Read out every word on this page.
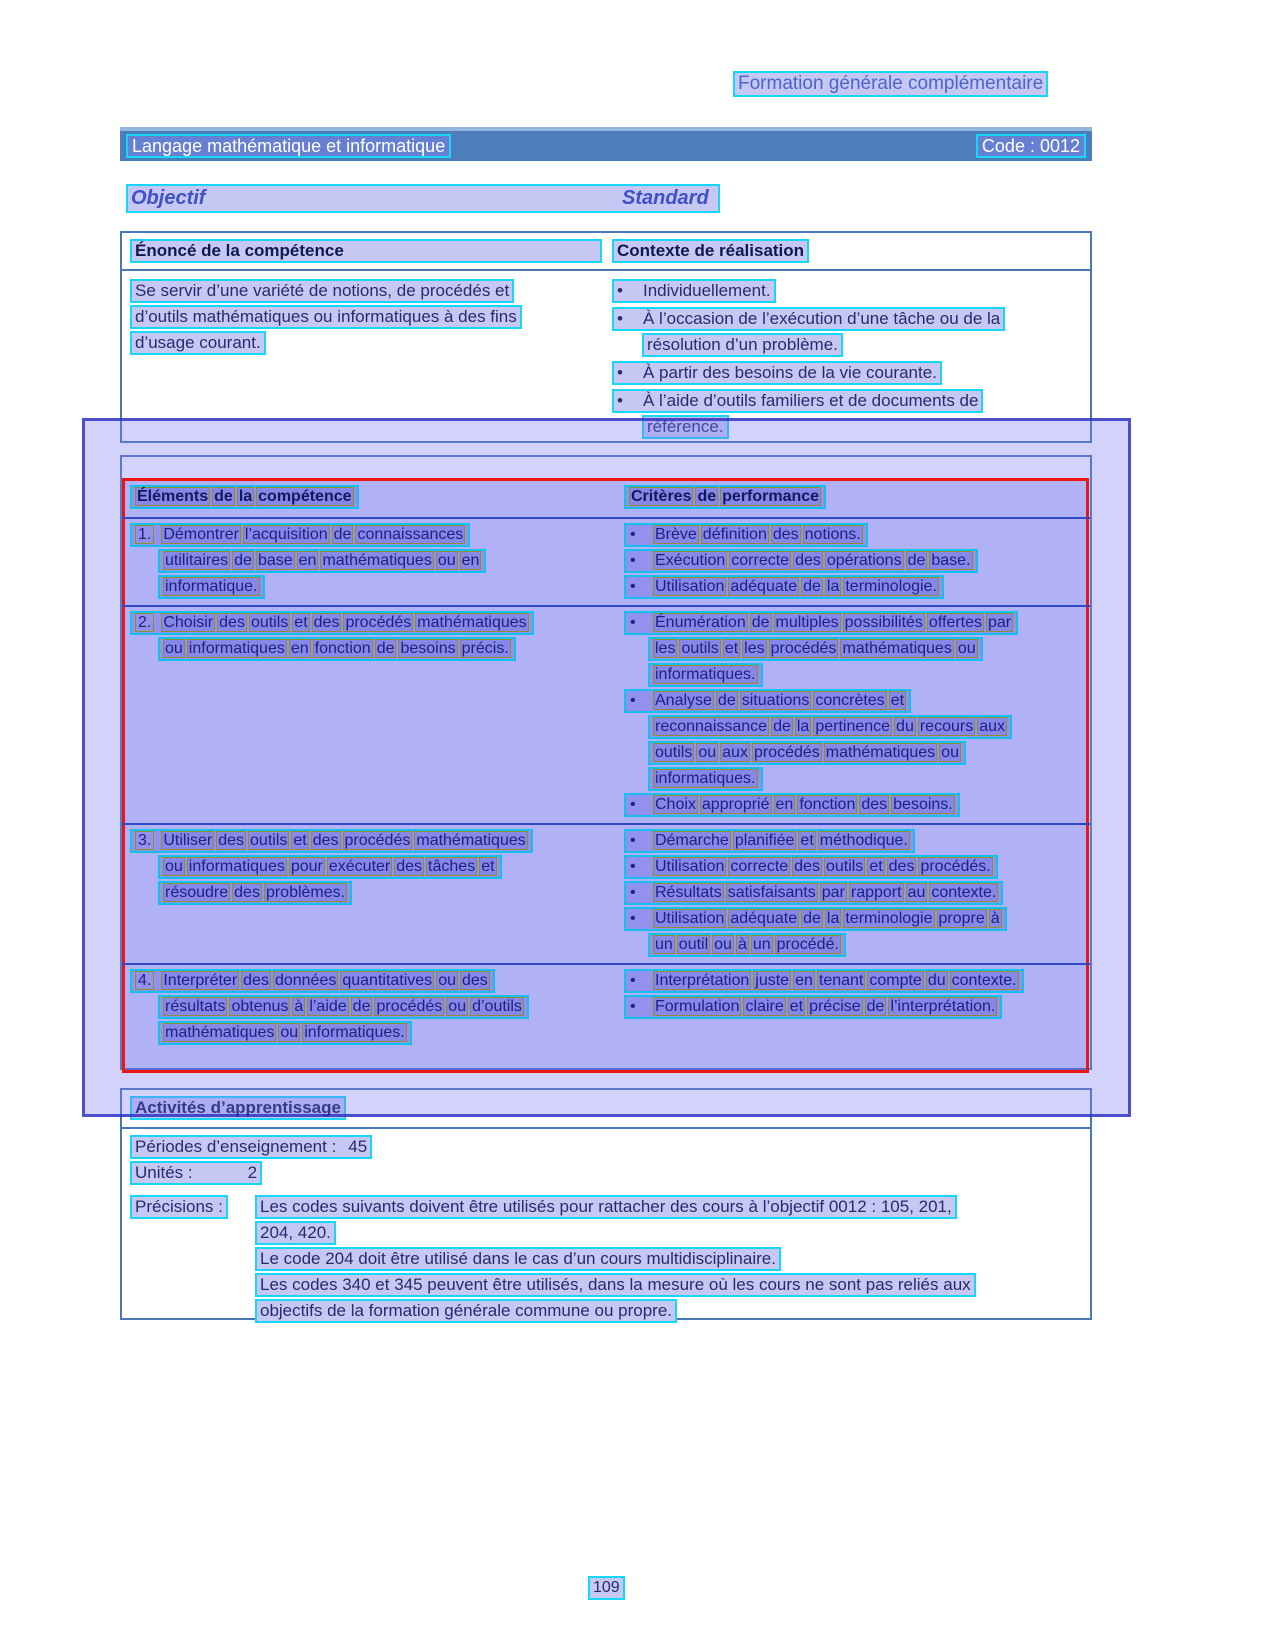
Formation générale complémentaire
Langage mathématique et informatique	Code : 0012
Objectif	Standard
Énoncé de la compétence	Contexte de réalisation
Se servir d’une variété de notions, de procédés et
d’outils mathématiques ou informatiques à des fins
d’usage courant.
• Individuellement.
• À l’occasion de l’exécution d’une tâche ou de la
résolution d’un problème.
• À partir des besoins de la vie courante.
• À l’aide d’outils familiers et de documents de
référence.
Éléments de la compétence	Critères de performance
1. Démontrer l’acquisition de connaissances
utilitaires de base en mathématiques ou en
informatique.
• Brève définition des notions.
• Exécution correcte des opérations de base.
• Utilisation adéquate de la terminologie.
2. Choisir des outils et des procédés mathématiques
ou informatiques en fonction de besoins précis.
• Énumération de multiples possibilités offertes par
les outils et les procédés mathématiques ou
informatiques.
• Analyse de situations concrètes et
reconnaissance de la pertinence du recours aux
outils ou aux procédés mathématiques ou
informatiques.
• Choix approprié en fonction des besoins.
3. Utiliser des outils et des procédés mathématiques
ou informatiques pour exécuter des tâches et
résoudre des problèmes.
• Démarche planifiée et méthodique.
• Utilisation correcte des outils et des procédés.
• Résultats satisfaisants par rapport au contexte.
• Utilisation adéquate de la terminologie propre à
un outil ou à un procédé.
4. Interpréter des données quantitatives ou des
résultats obtenus à l’aide de procédés ou d’outils
mathématiques ou informatiques.
• Interprétation juste en tenant compte du contexte.
• Formulation claire et précise de l’interprétation.
Activités d’apprentissage
Périodes d’enseignement : 45
Unités :	2
Précisions : Les codes suivants doivent être utilisés pour rattacher des cours à l’objectif 0012 : 105, 201,
204, 420.
Le code 204 doit être utilisé dans le cas d’un cours multidisciplinaire.
Les codes 340 et 345 peuvent être utilisés, dans la mesure où les cours ne sont pas reliés aux
objectifs de la formation générale commune ou propre.
109
